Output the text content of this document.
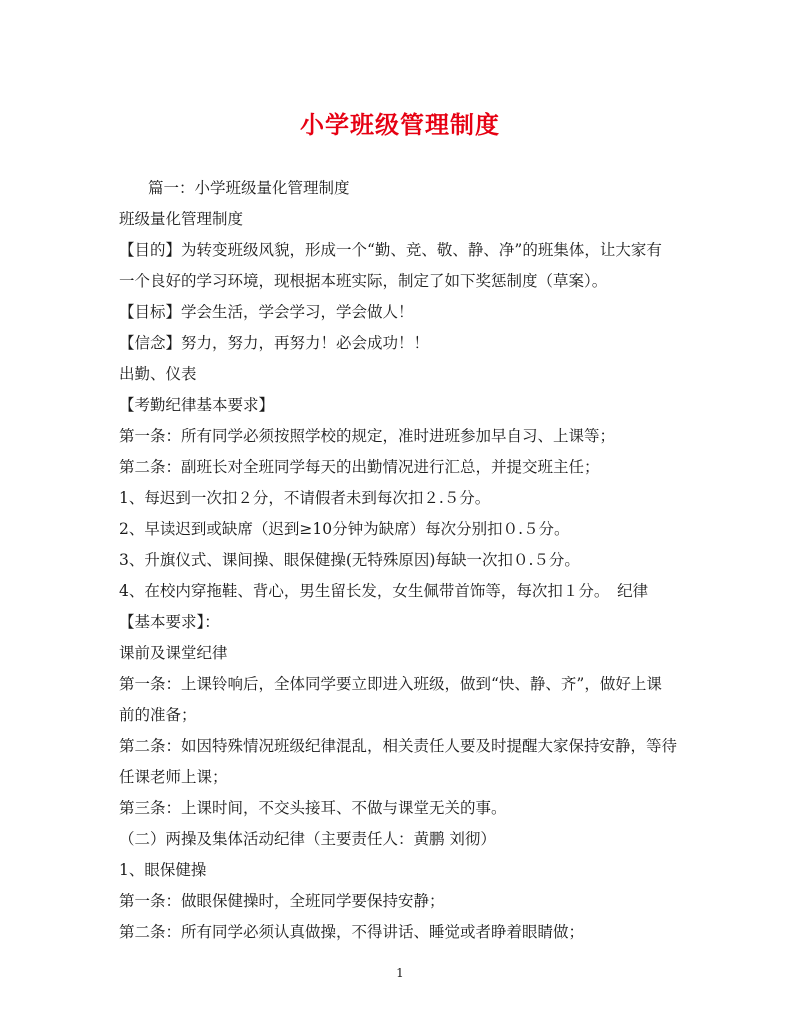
小学班级管理制度
篇一：小学班级量化管理制度
班级量化管理制度
【目的】为转变班级风貌，形成一个“勤、竞、敬、静、净”的班集体，让大家有
一个良好的学习环境，现根据本班实际，制定了如下奖惩制度（草案）。
【目标】学会生活，学会学习，学会做人！
【信念】努力，努力，再努力！必会成功！！
出勤、仪表
【考勤纪律基本要求】
第一条：所有同学必须按照学校的规定，准时进班参加早自习、上课等；
第二条：副班长对全班同学每天的出勤情况进行汇总，并提交班主任；
1、每迟到一次扣２分，不请假者未到每次扣２.５分。
2、早读迟到或缺席（迟到≥10分钟为缺席）每次分别扣０.５分。
3、升旗仪式、课间操、眼保健操(无特殊原因)每缺一次扣０.５分。
4、在校内穿拖鞋、背心，男生留长发，女生佩带首饰等，每次扣１分。　纪律
【基本要求】：
课前及课堂纪律
第一条：上课铃响后，全体同学要立即进入班级，做到“快、静、齐”，做好上课
前的准备；
第二条：如因特殊情况班级纪律混乱，相关责任人要及时提醒大家保持安静，等待
任课老师上课；
第三条：上课时间，不交头接耳、不做与课堂无关的事。
（二）两操及集体活动纪律（主要责任人：黄鹏 刘彻）
1、眼保健操
第一条：做眼保健操时，全班同学要保持安静；
第二条：所有同学必须认真做操，不得讲话、睡觉或者睁着眼睛做；
1
